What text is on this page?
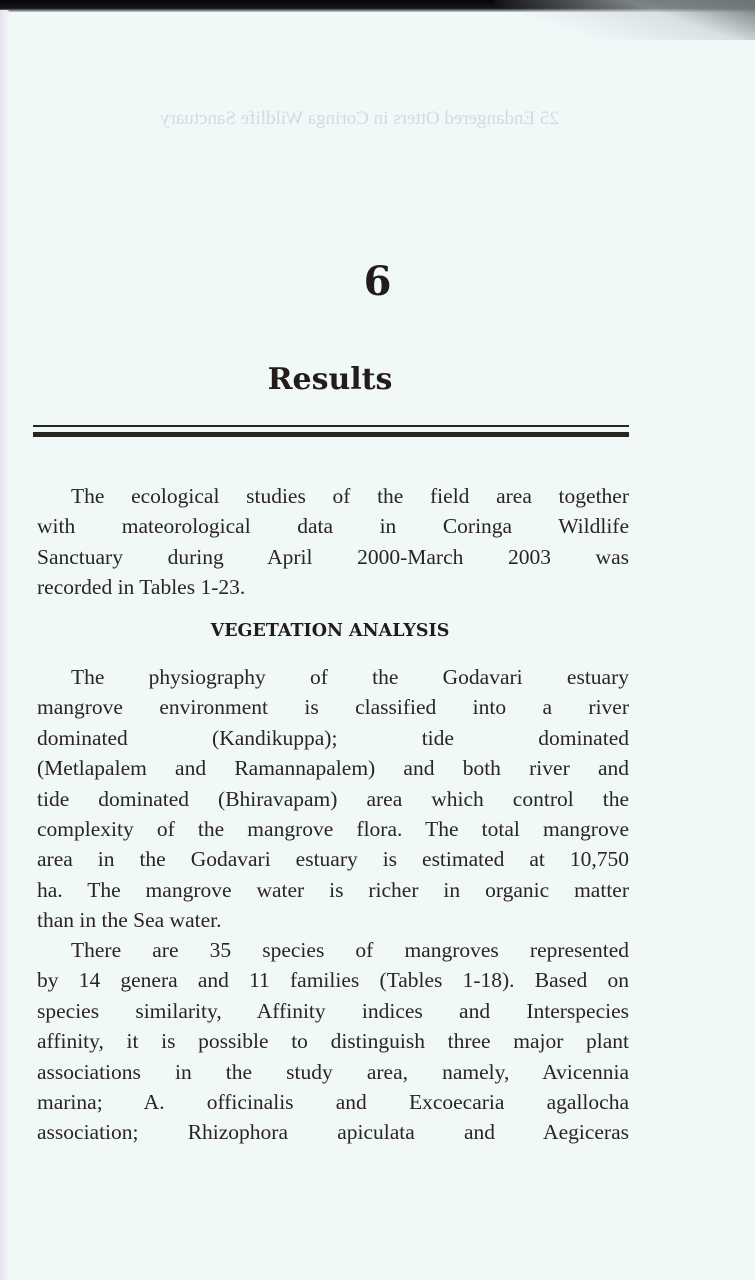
25 Endangered Otters in Coringa Wildlife Sanctuary
6
Results
The ecological studies of the field area together
with mateorological data in Coringa Wildlife
Sanctuary during April 2000-March 2003 was
recorded in Tables 1-23.
VEGETATION ANALYSIS
The physiography of the Godavari estuary
mangrove environment is classified into a river
dominated (Kandikuppa); tide dominated
(Metlapalem and Ramannapalem) and both river and
tide dominated (Bhiravapam) area which control the
complexity of the mangrove flora. The total mangrove
area in the Godavari estuary is estimated at 10,750
ha. The mangrove water is richer in organic matter
than in the Sea water.
There are 35 species of mangroves represented
by 14 genera and 11 families (Tables 1-18). Based on
species similarity, Affinity indices and Interspecies
affinity, it is possible to distinguish three major plant
associations in the study area, namely, Avicennia
marina; A. officinalis and Excoecaria agallocha
association; Rhizophora apiculata and Aegiceras
